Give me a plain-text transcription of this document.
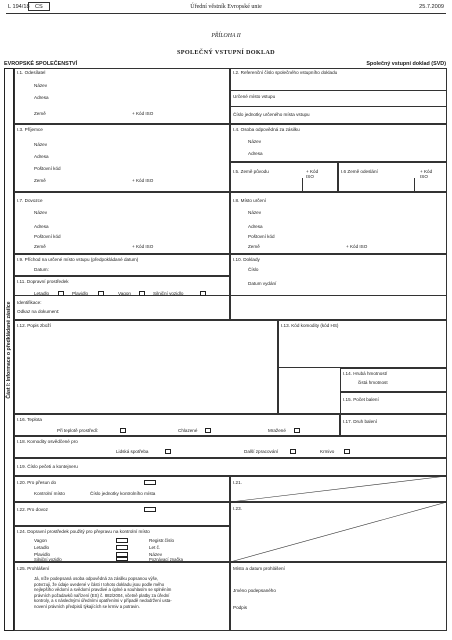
L 194/18 CS	Úřední věstník Evropské unie	25.7.2009
PŘÍLOHA II
SPOLEČNÝ VSTUPNÍ DOKLAD
EVROPSKÉ SPOLEČENSTVÍ	Společný vstupní doklad (SVD)
Část I: Informace o předkládané zásilce
I.1. Odesílatel
Název
Adresa
Země	+ Kód ISO
I.2. Referenční číslo společného vstupního dokladu
Určené místo vstupu
Číslo jednotky určeného místa vstupu
I.3. Příjemce
Název
Adresa
Poštovní kód
Země	+ Kód ISO
I.4. Osoba odpovědná za zásilku
Název
Adresa
I.5. Země původu	+ Kód ISO
I.6 Země odeslání	+ Kód ISO
I.7. Dovozce
Název
Adresa
Poštovní kód
Země	+ Kód ISO
I.8. Místo určení
Název
Adresa
Poštovní kód
Země	+ Kód ISO
I.9. Příchod na určené místo vstupu (předpokládané datum)
Datum:
I.10. Doklady
Číslo
Datum vydání
I.11. Dopravní prostředek
Letadlo	Plavidlo	Vagon	Silniční vozidlo
Identifikace:
Odkaz na dokument:
I.12. Popis zboží	I.13. Kód komodity (kód HS)
I.14. Hrubá hmotnost/
čistá hmotnost
I.15. Počet balení
I.16. Teplota
Při teplotě prostředí:	Chlazené	Mražené
I.17. Druh balení
I.18. Komodity osvědčené pro
Lidská spotřeba	Další zpracování	Krmivo
I.19. Číslo pečeti a kontejneru
I.20. Pro přesun do
Kontrolní místo	Číslo jednotky kontrolního místa
I.21.
I.22. Pro dovoz	I.23.
I.24. Dopravní prostředek použitý pro přepravu na kontrolní místo
Vagon	Registr.číslo
Letadlo	Let č.
Plavidlo	Název
Silniční vozidlo	Poznávací značka
I.25. Prohlášení
Já, níže podepsaná osoba odpovědná za zásilku popsanou výše,
potvrzuji, že údaje uvedené v části I tohoto dokladu jsou podle mého
nejlepšího vědomí a svědomí pravdivé a úplné a souhlasím se splněním
právních požadavků nařízení (ES) č. 882/2004, včetně platby za úřední
kontroly, a s následnými úředními opatřeními v případě nedodržení usta-
novení právních předpisů týkajících se krmiv a potravin.
Místo a datum prohlášení
Jméno podepsaného
Podpis
